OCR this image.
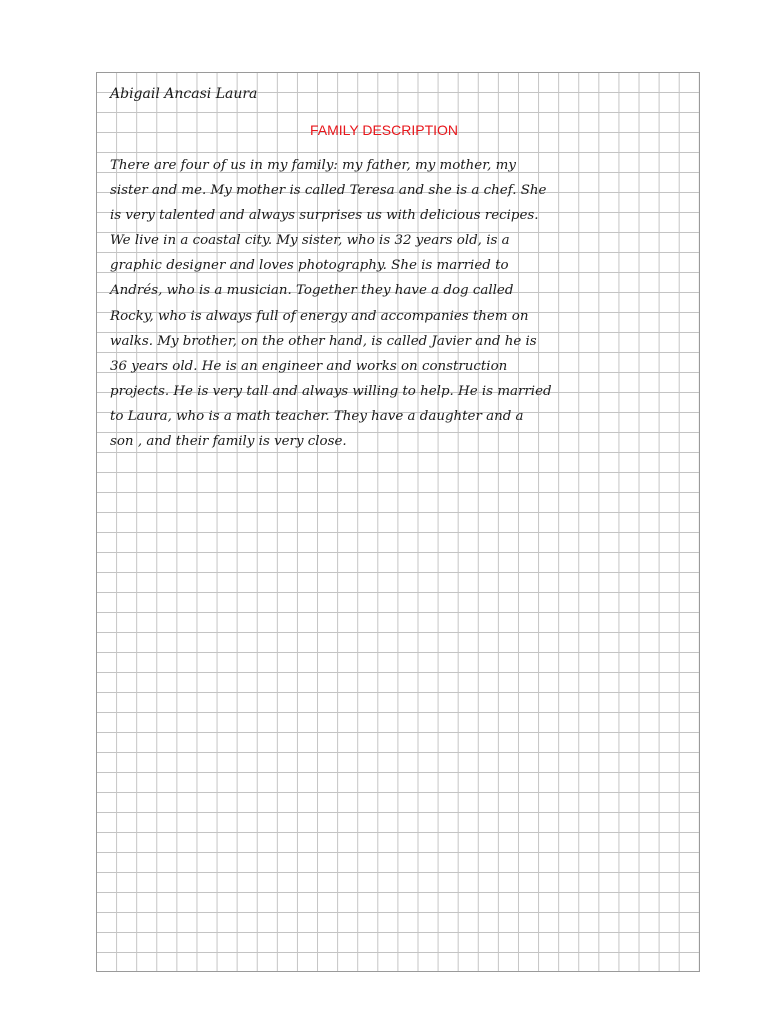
Abigail Ancasi Laura
FAMILY DESCRIPTION
There are four of us in my family: my father, my mother, my
sister and me. My mother is called Teresa and she is a chef. She
is very talented and always surprises us with delicious recipes.
We live in a coastal city. My sister, who is 32 years old, is a
graphic designer and loves photography. She is married to
Andrés, who is a musician. Together they have a dog called
Rocky, who is always full of energy and accompanies them on
walks. My brother, on the other hand, is called Javier and he is
36 years old. He is an engineer and works on construction
projects. He is very tall and always willing to help. He is married
to Laura, who is a math teacher. They have a daughter and a
son , and their family is very close.
